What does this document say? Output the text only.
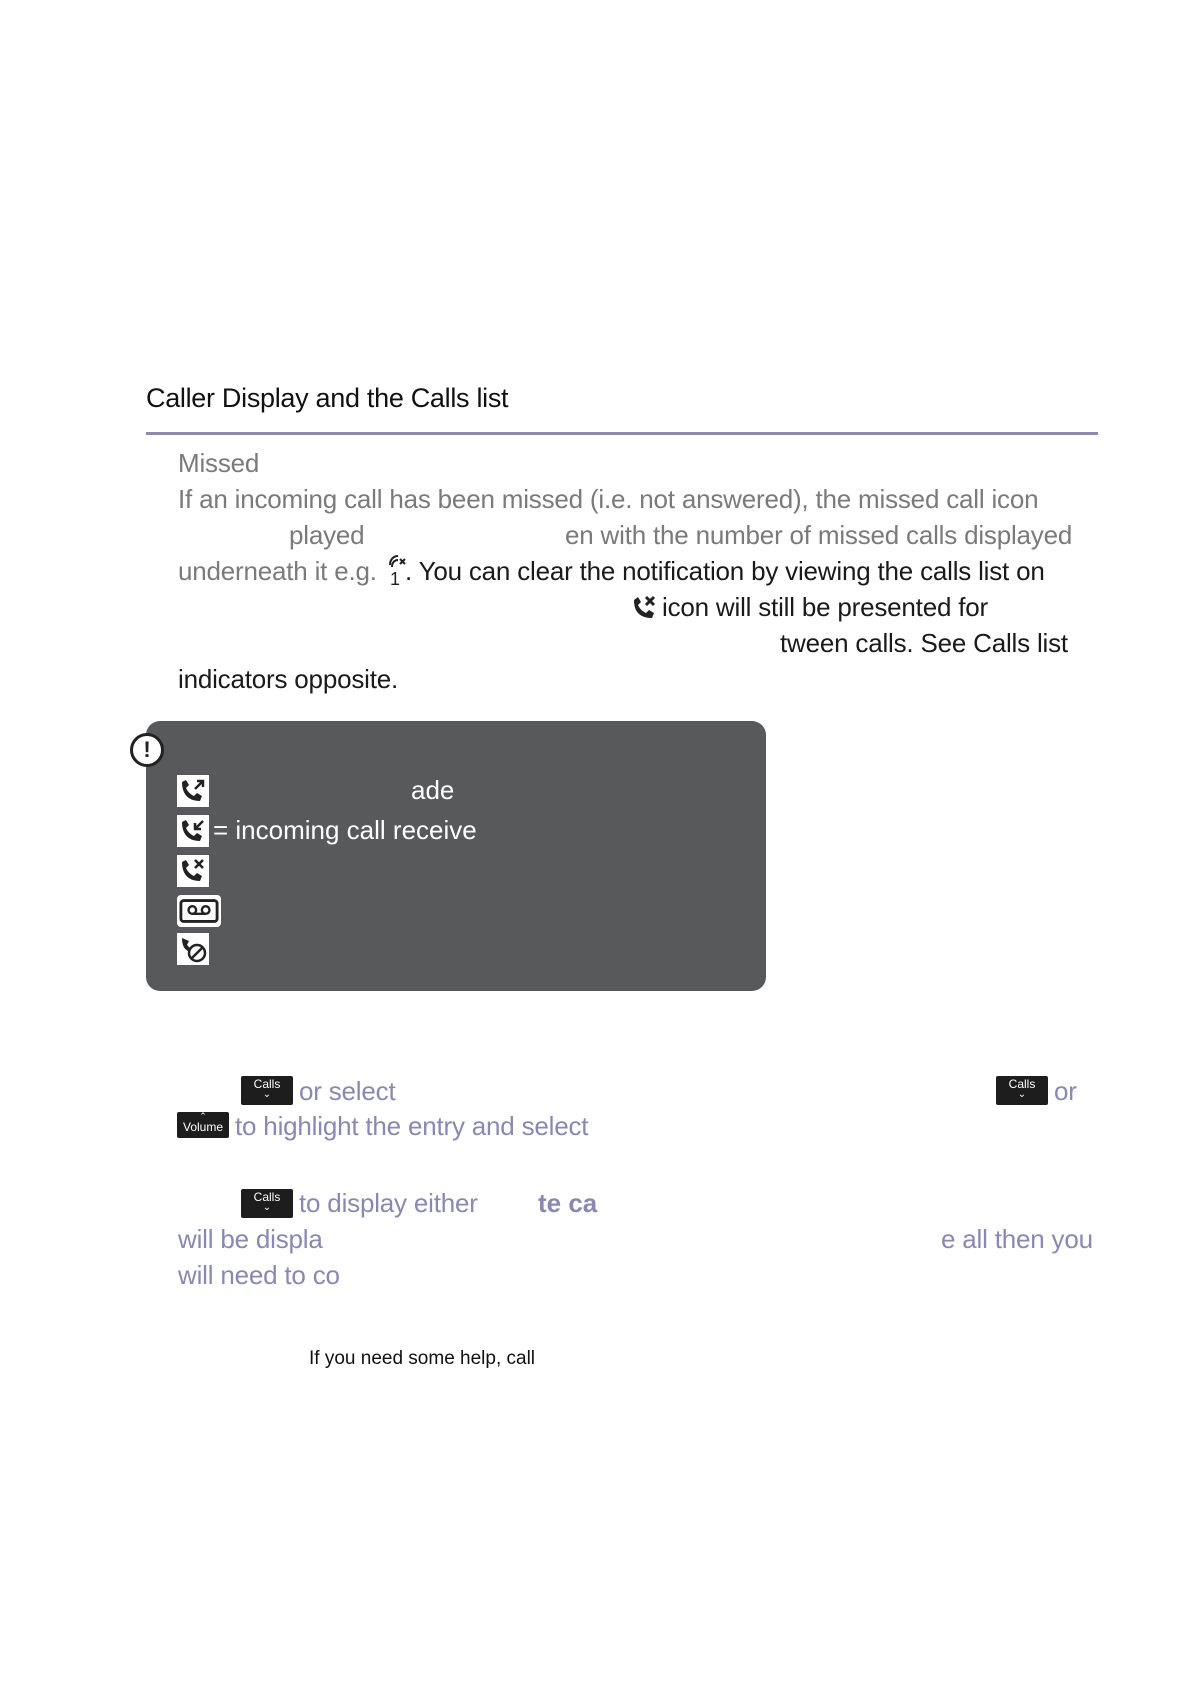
Caller Display and the Calls list
Missed
If an incoming call has been missed (i.e. not answered), the missed call icon
played	en with the number of missed calls displayed
underneath it e.g. 1 . You can clear the notification by viewing the calls list on
icon will still be presented for
tween calls. See Calls list
indicators opposite.
!
ade
= incoming call receive
Calls
⌄	or select	Calls
⌄	or
⌃
Volume to highlight the entry and select
Calls
⌄	to display either te ca
will be displa	e all then you
will need to co
If you need some help, call
